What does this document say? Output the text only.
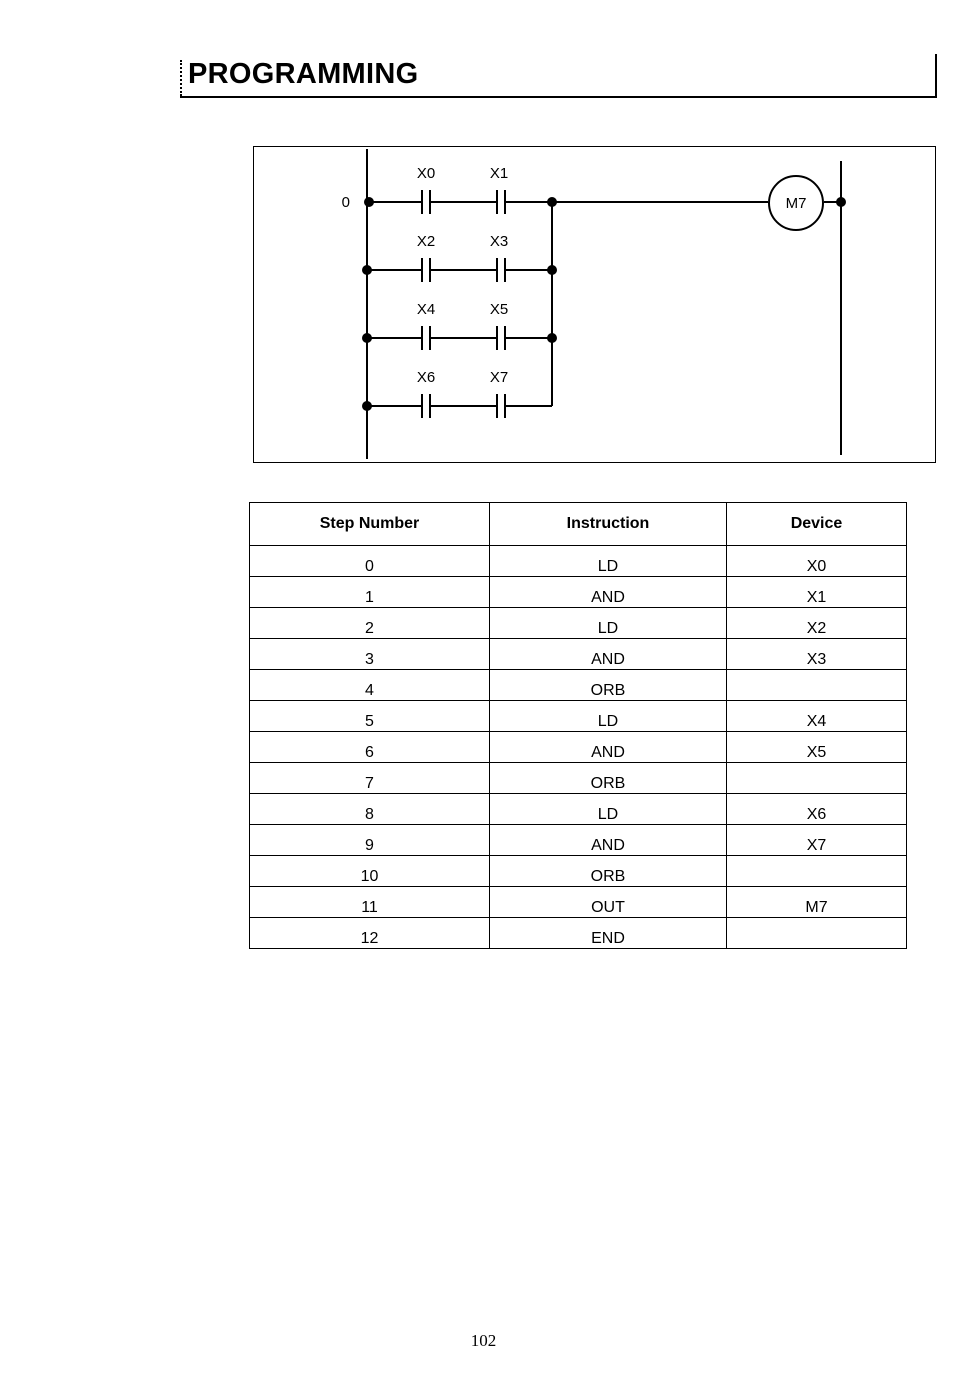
PROGRAMMING
X0	X1
X2	X3
X4	X5
X6	X7
M7
0
Step Number	Instruction	Device
0	LD	X0
1	AND	X1
2	LD	X2
3	AND	X3
4	ORB	
5	LD	X4
6	AND	X5
7	ORB	
8	LD	X6
9	AND	X7
10	ORB	
11	OUT	M7
12	END	
102
